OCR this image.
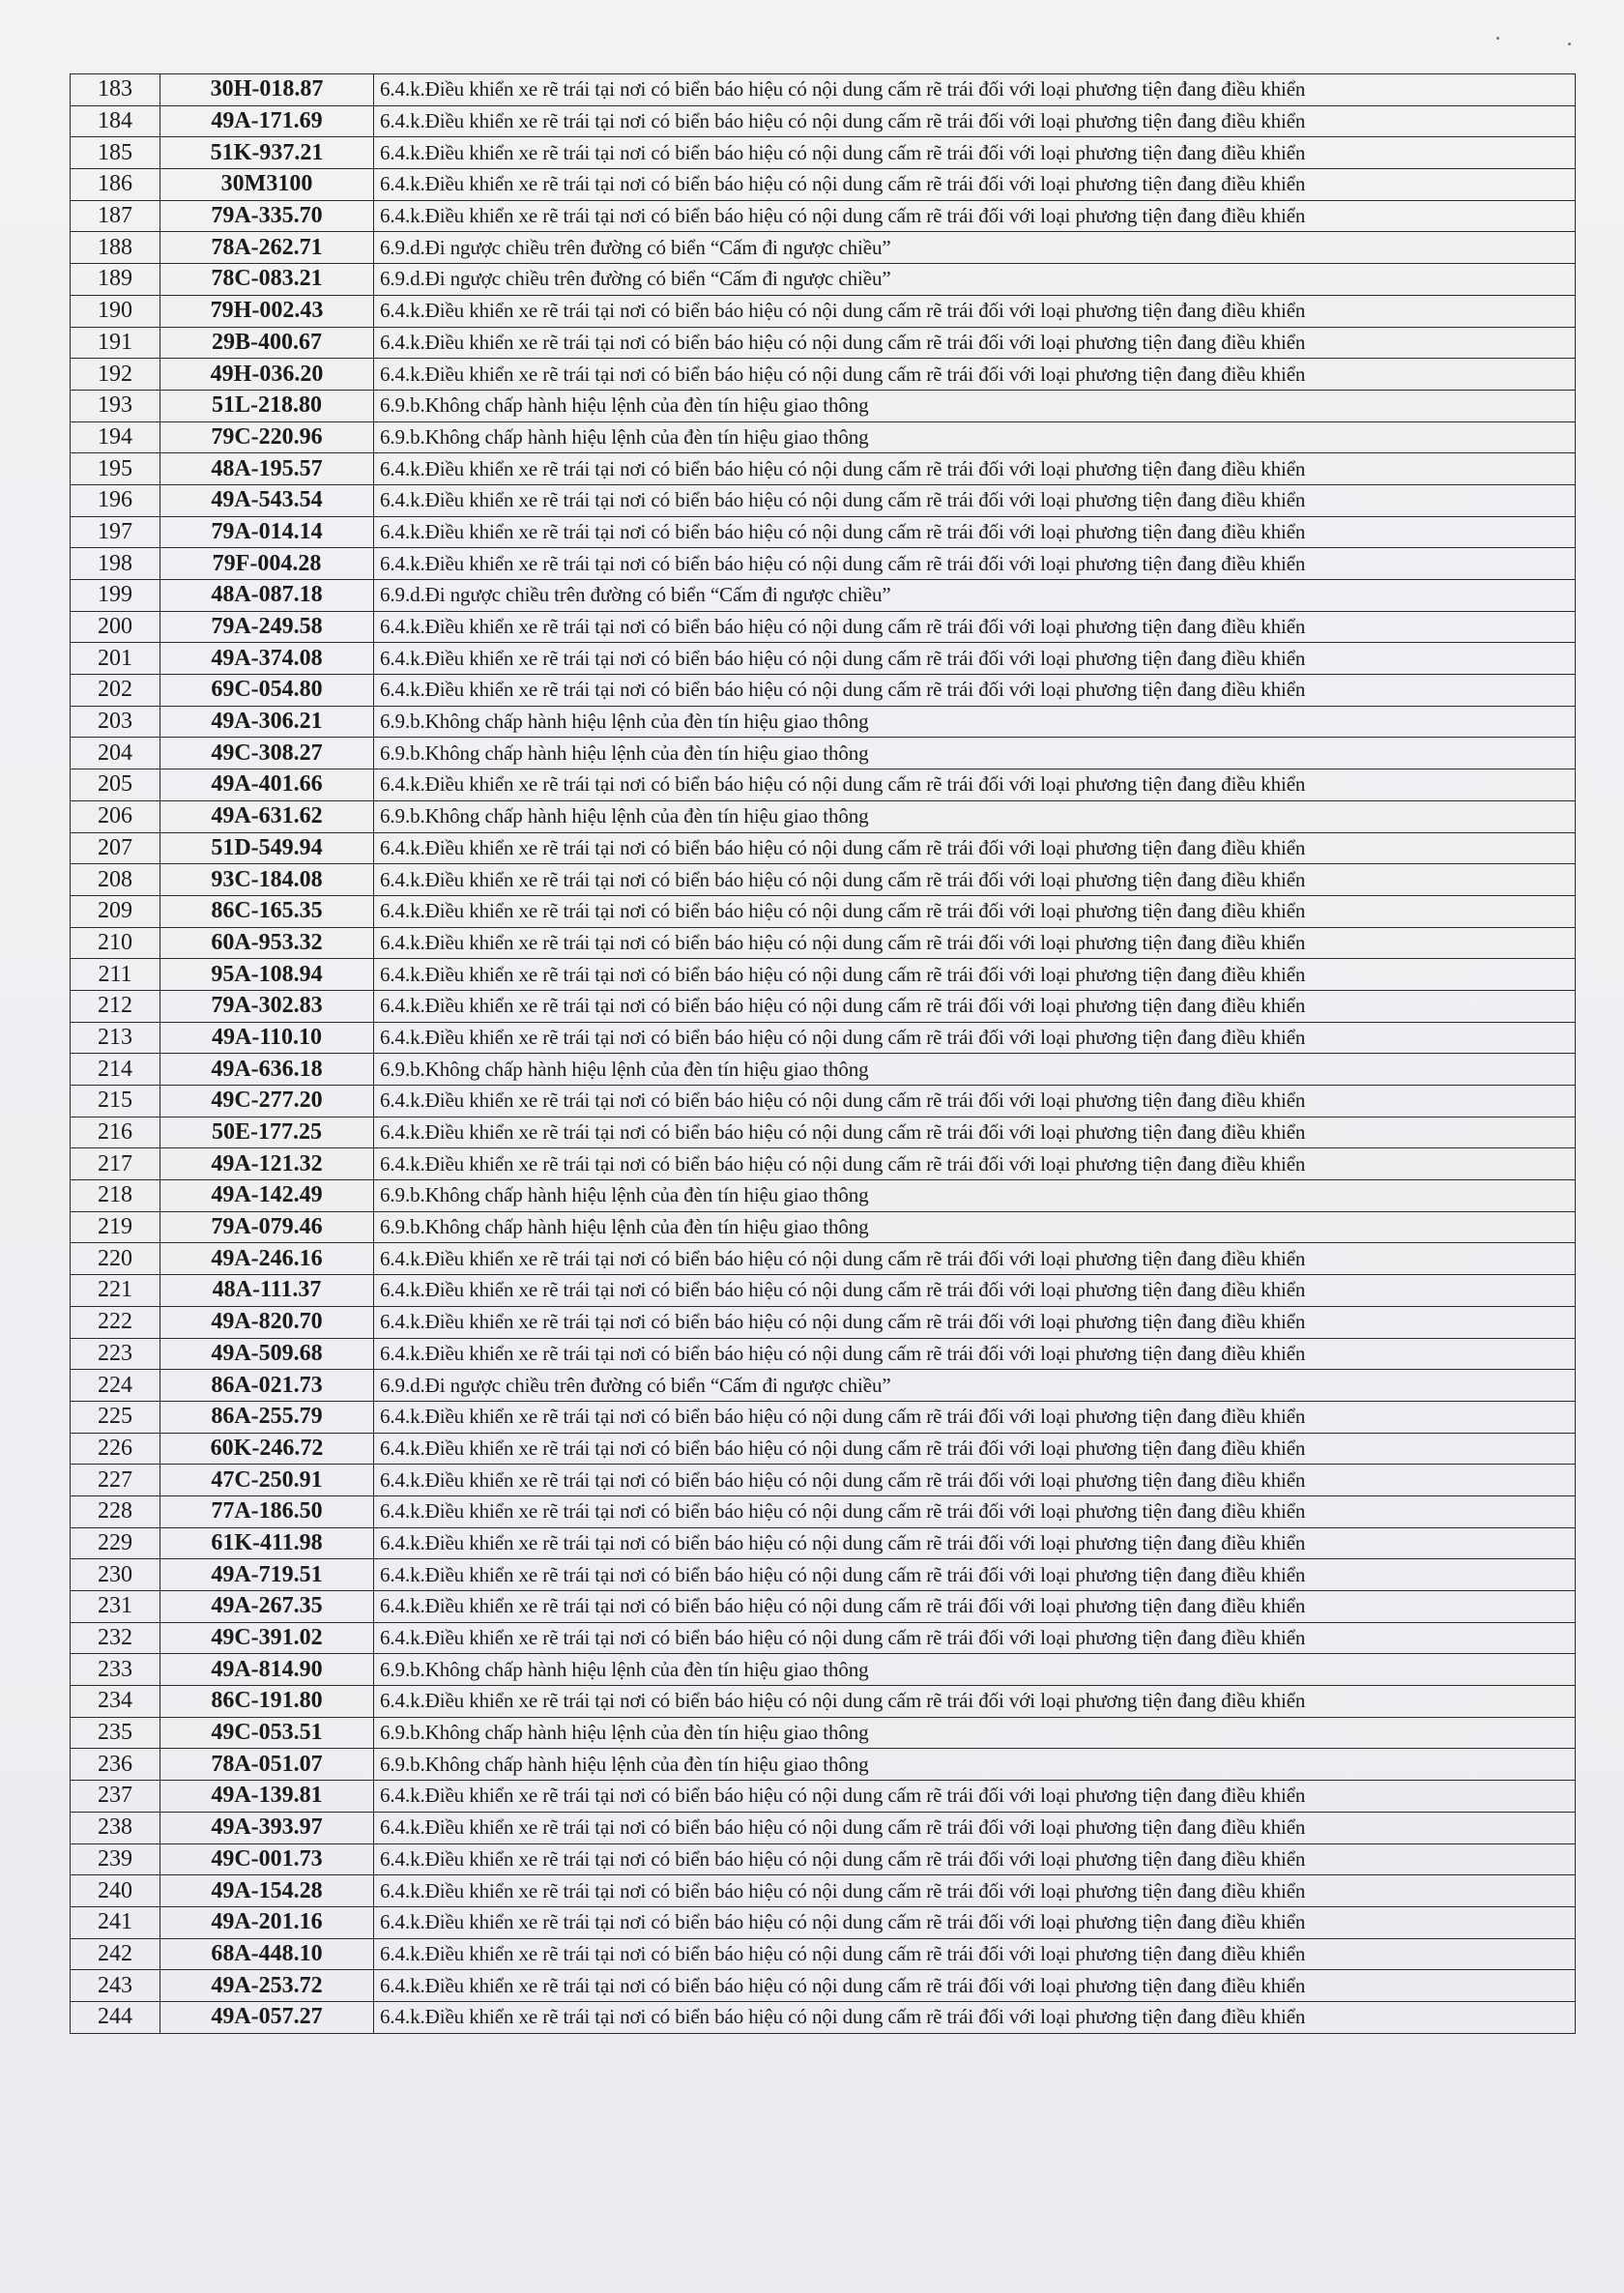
183	30H-018.87	6.4.k.Điều khiển xe rẽ trái tại nơi có biển báo hiệu có nội dung cấm rẽ trái đối với loại phương tiện đang điều khiển
184	49A-171.69	6.4.k.Điều khiển xe rẽ trái tại nơi có biển báo hiệu có nội dung cấm rẽ trái đối với loại phương tiện đang điều khiển
185	51K-937.21	6.4.k.Điều khiển xe rẽ trái tại nơi có biển báo hiệu có nội dung cấm rẽ trái đối với loại phương tiện đang điều khiển
186	30M3100	6.4.k.Điều khiển xe rẽ trái tại nơi có biển báo hiệu có nội dung cấm rẽ trái đối với loại phương tiện đang điều khiển
187	79A-335.70	6.4.k.Điều khiển xe rẽ trái tại nơi có biển báo hiệu có nội dung cấm rẽ trái đối với loại phương tiện đang điều khiển
188	78A-262.71	6.9.d.Đi ngược chiều trên đường có biển “Cấm đi ngược chiều”
189	78C-083.21	6.9.d.Đi ngược chiều trên đường có biển “Cấm đi ngược chiều”
190	79H-002.43	6.4.k.Điều khiển xe rẽ trái tại nơi có biển báo hiệu có nội dung cấm rẽ trái đối với loại phương tiện đang điều khiển
191	29B-400.67	6.4.k.Điều khiển xe rẽ trái tại nơi có biển báo hiệu có nội dung cấm rẽ trái đối với loại phương tiện đang điều khiển
192	49H-036.20	6.4.k.Điều khiển xe rẽ trái tại nơi có biển báo hiệu có nội dung cấm rẽ trái đối với loại phương tiện đang điều khiển
193	51L-218.80	6.9.b.Không chấp hành hiệu lệnh của đèn tín hiệu giao thông
194	79C-220.96	6.9.b.Không chấp hành hiệu lệnh của đèn tín hiệu giao thông
195	48A-195.57	6.4.k.Điều khiển xe rẽ trái tại nơi có biển báo hiệu có nội dung cấm rẽ trái đối với loại phương tiện đang điều khiển
196	49A-543.54	6.4.k.Điều khiển xe rẽ trái tại nơi có biển báo hiệu có nội dung cấm rẽ trái đối với loại phương tiện đang điều khiển
197	79A-014.14	6.4.k.Điều khiển xe rẽ trái tại nơi có biển báo hiệu có nội dung cấm rẽ trái đối với loại phương tiện đang điều khiển
198	79F-004.28	6.4.k.Điều khiển xe rẽ trái tại nơi có biển báo hiệu có nội dung cấm rẽ trái đối với loại phương tiện đang điều khiển
199	48A-087.18	6.9.d.Đi ngược chiều trên đường có biển “Cấm đi ngược chiều”
200	79A-249.58	6.4.k.Điều khiển xe rẽ trái tại nơi có biển báo hiệu có nội dung cấm rẽ trái đối với loại phương tiện đang điều khiển
201	49A-374.08	6.4.k.Điều khiển xe rẽ trái tại nơi có biển báo hiệu có nội dung cấm rẽ trái đối với loại phương tiện đang điều khiển
202	69C-054.80	6.4.k.Điều khiển xe rẽ trái tại nơi có biển báo hiệu có nội dung cấm rẽ trái đối với loại phương tiện đang điều khiển
203	49A-306.21	6.9.b.Không chấp hành hiệu lệnh của đèn tín hiệu giao thông
204	49C-308.27	6.9.b.Không chấp hành hiệu lệnh của đèn tín hiệu giao thông
205	49A-401.66	6.4.k.Điều khiển xe rẽ trái tại nơi có biển báo hiệu có nội dung cấm rẽ trái đối với loại phương tiện đang điều khiển
206	49A-631.62	6.9.b.Không chấp hành hiệu lệnh của đèn tín hiệu giao thông
207	51D-549.94	6.4.k.Điều khiển xe rẽ trái tại nơi có biển báo hiệu có nội dung cấm rẽ trái đối với loại phương tiện đang điều khiển
208	93C-184.08	6.4.k.Điều khiển xe rẽ trái tại nơi có biển báo hiệu có nội dung cấm rẽ trái đối với loại phương tiện đang điều khiển
209	86C-165.35	6.4.k.Điều khiển xe rẽ trái tại nơi có biển báo hiệu có nội dung cấm rẽ trái đối với loại phương tiện đang điều khiển
210	60A-953.32	6.4.k.Điều khiển xe rẽ trái tại nơi có biển báo hiệu có nội dung cấm rẽ trái đối với loại phương tiện đang điều khiển
211	95A-108.94	6.4.k.Điều khiển xe rẽ trái tại nơi có biển báo hiệu có nội dung cấm rẽ trái đối với loại phương tiện đang điều khiển
212	79A-302.83	6.4.k.Điều khiển xe rẽ trái tại nơi có biển báo hiệu có nội dung cấm rẽ trái đối với loại phương tiện đang điều khiển
213	49A-110.10	6.4.k.Điều khiển xe rẽ trái tại nơi có biển báo hiệu có nội dung cấm rẽ trái đối với loại phương tiện đang điều khiển
214	49A-636.18	6.9.b.Không chấp hành hiệu lệnh của đèn tín hiệu giao thông
215	49C-277.20	6.4.k.Điều khiển xe rẽ trái tại nơi có biển báo hiệu có nội dung cấm rẽ trái đối với loại phương tiện đang điều khiển
216	50E-177.25	6.4.k.Điều khiển xe rẽ trái tại nơi có biển báo hiệu có nội dung cấm rẽ trái đối với loại phương tiện đang điều khiển
217	49A-121.32	6.4.k.Điều khiển xe rẽ trái tại nơi có biển báo hiệu có nội dung cấm rẽ trái đối với loại phương tiện đang điều khiển
218	49A-142.49	6.9.b.Không chấp hành hiệu lệnh của đèn tín hiệu giao thông
219	79A-079.46	6.9.b.Không chấp hành hiệu lệnh của đèn tín hiệu giao thông
220	49A-246.16	6.4.k.Điều khiển xe rẽ trái tại nơi có biển báo hiệu có nội dung cấm rẽ trái đối với loại phương tiện đang điều khiển
221	48A-111.37	6.4.k.Điều khiển xe rẽ trái tại nơi có biển báo hiệu có nội dung cấm rẽ trái đối với loại phương tiện đang điều khiển
222	49A-820.70	6.4.k.Điều khiển xe rẽ trái tại nơi có biển báo hiệu có nội dung cấm rẽ trái đối với loại phương tiện đang điều khiển
223	49A-509.68	6.4.k.Điều khiển xe rẽ trái tại nơi có biển báo hiệu có nội dung cấm rẽ trái đối với loại phương tiện đang điều khiển
224	86A-021.73	6.9.d.Đi ngược chiều trên đường có biển “Cấm đi ngược chiều”
225	86A-255.79	6.4.k.Điều khiển xe rẽ trái tại nơi có biển báo hiệu có nội dung cấm rẽ trái đối với loại phương tiện đang điều khiển
226	60K-246.72	6.4.k.Điều khiển xe rẽ trái tại nơi có biển báo hiệu có nội dung cấm rẽ trái đối với loại phương tiện đang điều khiển
227	47C-250.91	6.4.k.Điều khiển xe rẽ trái tại nơi có biển báo hiệu có nội dung cấm rẽ trái đối với loại phương tiện đang điều khiển
228	77A-186.50	6.4.k.Điều khiển xe rẽ trái tại nơi có biển báo hiệu có nội dung cấm rẽ trái đối với loại phương tiện đang điều khiển
229	61K-411.98	6.4.k.Điều khiển xe rẽ trái tại nơi có biển báo hiệu có nội dung cấm rẽ trái đối với loại phương tiện đang điều khiển
230	49A-719.51	6.4.k.Điều khiển xe rẽ trái tại nơi có biển báo hiệu có nội dung cấm rẽ trái đối với loại phương tiện đang điều khiển
231	49A-267.35	6.4.k.Điều khiển xe rẽ trái tại nơi có biển báo hiệu có nội dung cấm rẽ trái đối với loại phương tiện đang điều khiển
232	49C-391.02	6.4.k.Điều khiển xe rẽ trái tại nơi có biển báo hiệu có nội dung cấm rẽ trái đối với loại phương tiện đang điều khiển
233	49A-814.90	6.9.b.Không chấp hành hiệu lệnh của đèn tín hiệu giao thông
234	86C-191.80	6.4.k.Điều khiển xe rẽ trái tại nơi có biển báo hiệu có nội dung cấm rẽ trái đối với loại phương tiện đang điều khiển
235	49C-053.51	6.9.b.Không chấp hành hiệu lệnh của đèn tín hiệu giao thông
236	78A-051.07	6.9.b.Không chấp hành hiệu lệnh của đèn tín hiệu giao thông
237	49A-139.81	6.4.k.Điều khiển xe rẽ trái tại nơi có biển báo hiệu có nội dung cấm rẽ trái đối với loại phương tiện đang điều khiển
238	49A-393.97	6.4.k.Điều khiển xe rẽ trái tại nơi có biển báo hiệu có nội dung cấm rẽ trái đối với loại phương tiện đang điều khiển
239	49C-001.73	6.4.k.Điều khiển xe rẽ trái tại nơi có biển báo hiệu có nội dung cấm rẽ trái đối với loại phương tiện đang điều khiển
240	49A-154.28	6.4.k.Điều khiển xe rẽ trái tại nơi có biển báo hiệu có nội dung cấm rẽ trái đối với loại phương tiện đang điều khiển
241	49A-201.16	6.4.k.Điều khiển xe rẽ trái tại nơi có biển báo hiệu có nội dung cấm rẽ trái đối với loại phương tiện đang điều khiển
242	68A-448.10	6.4.k.Điều khiển xe rẽ trái tại nơi có biển báo hiệu có nội dung cấm rẽ trái đối với loại phương tiện đang điều khiển
243	49A-253.72	6.4.k.Điều khiển xe rẽ trái tại nơi có biển báo hiệu có nội dung cấm rẽ trái đối với loại phương tiện đang điều khiển
244	49A-057.27	6.4.k.Điều khiển xe rẽ trái tại nơi có biển báo hiệu có nội dung cấm rẽ trái đối với loại phương tiện đang điều khiển
